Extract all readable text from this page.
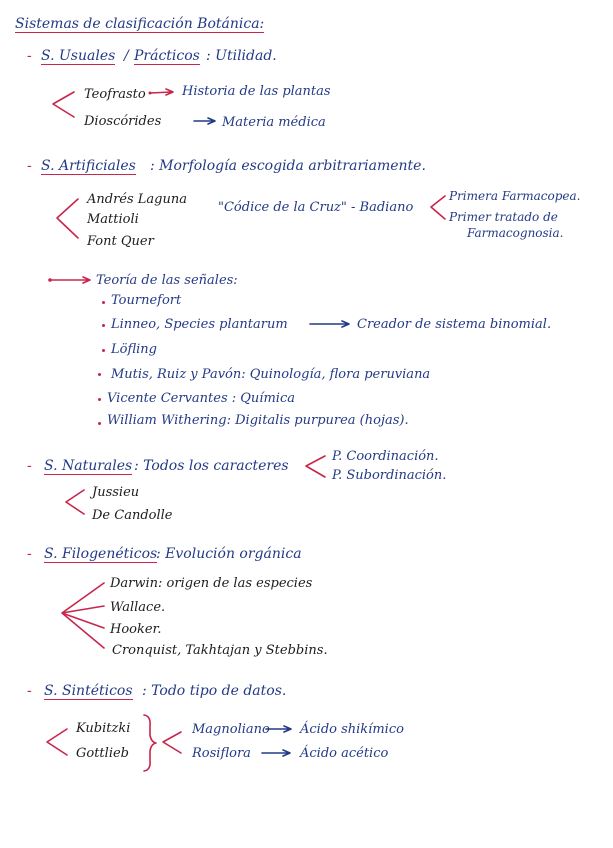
Sistemas de clasificación Botánica:
- S. Usuales / Prácticos : Utilidad.
Teofrasto	Historia de las plantas
Dioscórides	Materia médica
- S. Artificiales : Morfología escogida arbitrariamente.
Andrés Laguna
Mattioli
Font Quer
"Códice de la Cruz" - Badiano
Primera Farmacopea.
Primer tratado de
Farmacognosia.
Teoría de las señales:
Tournefort
Linneo, Species plantarum	Creador de sistema binomial.
Löfling
Mutis, Ruiz y Pavón: Quinología, flora peruviana
Vicente Cervantes : Química
William Withering: Digitalis purpurea (hojas).
- S. Naturales : Todos los caracteres
P. Coordinación.
P. Subordinación.
Jussieu
De Candolle
- S. Filogenéticos
: Evolución orgánica
Darwin: origen de las especies
Wallace.
Hooker.
Cronquist, Takhtajan y Stebbins.
- S. Sintéticos : Todo tipo de datos.
Kubitzki
Gottlieb
Magnoliano Ácido shikímico
Rosiflora	Ácido acético
